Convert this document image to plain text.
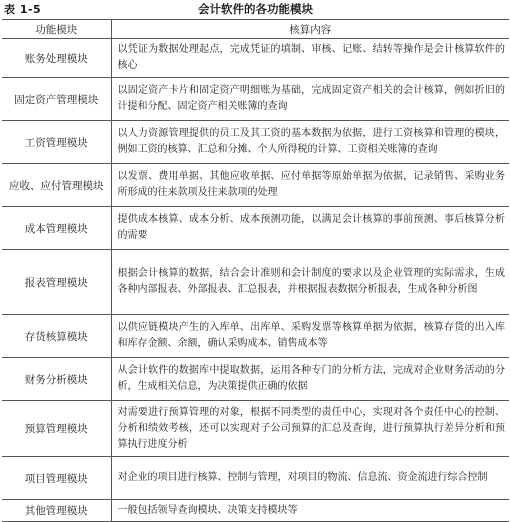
表 1-5	会计软件的各功能模块
功能模块	核算内容
账务处理模块	以凭证为数据处理起点，完成凭证的填制、审核、记账、结转等操作是会计核算软件的核心
固定资产管理模块	以固定资产卡片和固定资产明细账为基础，完成固定资产相关的会计核算，例如折旧的计提和分配、固定资产相关账簿的查询
工资管理模块	以人力资源管理提供的员工及其工资的基本数据为依据，进行工资核算和管理的模块，例如工资的核算、汇总和分摊、个人所得税的计算、工资相关账簿的查询
应收、应付管理模块	以发票、费用单据、其他应收单据、应付单据等原始单据为依据，记录销售、采购业务所形成的往来款项及往来款项的处理
成本管理模块	提供成本核算、成本分析、成本预测功能，以满足会计核算的事前预测、事后核算分析的需要
报表管理模块	根据会计核算的数据，结合会计准则和会计制度的要求以及企业管理的实际需求，生成各种内部报表、外部报表、汇总报表，并根据报表数据分析报表，生成各种分析图
存货核算模块	以供应链模块产生的入库单、出库单、采购发票等核算单据为依据，核算存货的出入库和库存金额、余额，确认采购成本、销售成本等
财务分析模块	从会计软件的数据库中提取数据，运用各种专门的分析方法，完成对企业财务活动的分析，生成相关信息，为决策提供正确的依据
预算管理模块	对需要进行预算管理的对象，根据不同类型的责任中心，实现对各个责任中心的控制、分析和绩效考核，还可以实现对子公司预算的汇总及查询，进行预算执行差异分析和预算执行进度分析
项目管理模块	对企业的项目进行核算、控制与管理，对项目的物流、信息流、资金流进行综合控制
其他管理模块	一般包括领导查询模块、决策支持模块等
